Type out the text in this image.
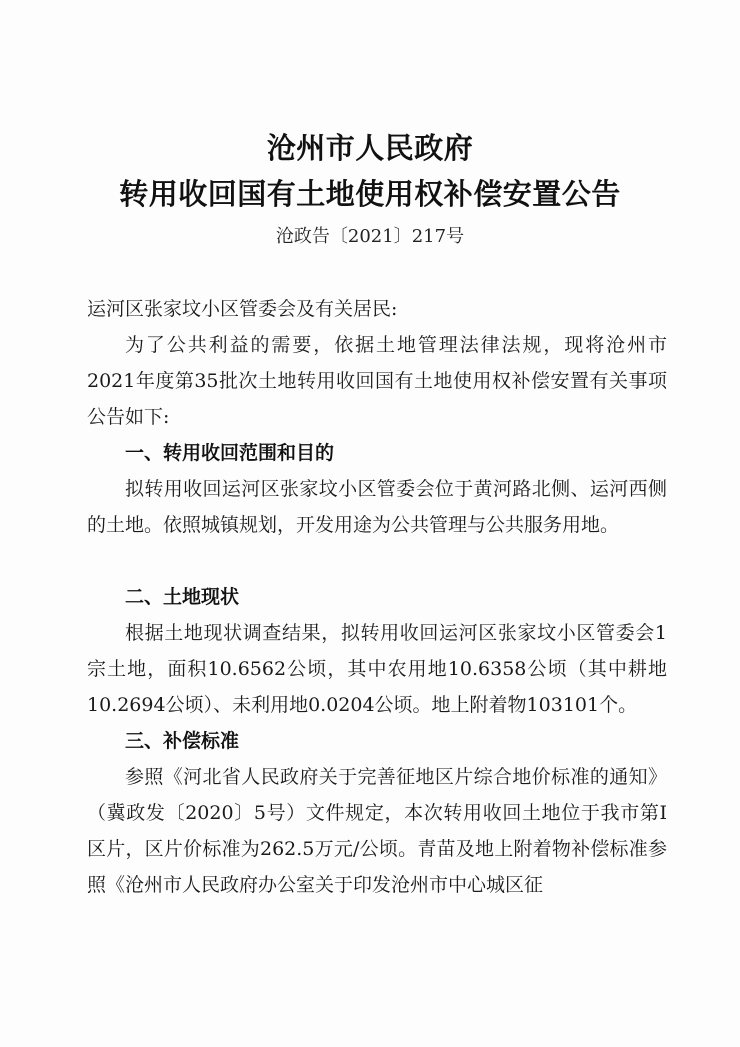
沧州市人民政府
转用收回国有土地使用权补偿安置公告
沧政告〔2021〕217号

运河区张家坟小区管委会及有关居民:

为了公共利益的需要，依据土地管理法律法规，现将沧州市2021年度第35批次土地转用收回国有土地使用权补偿安置有关事项公告如下:

一、转用收回范围和目的

拟转用收回运河区张家坟小区管委会位于黄河路北侧、运河西侧的土地。依照城镇规划，开发用途为公共管理与公共服务用地。

二、土地现状

根据土地现状调查结果，拟转用收回运河区张家坟小区管委会1宗土地，面积10.6562公顷，其中农用地10.6358公顷（其中耕地10.2694公顷）、未利用地0.0204公顷。地上附着物103101个。

三、补偿标准

参照《河北省人民政府关于完善征地区片综合地价标准的通知》（冀政发〔2020〕5号）文件规定，本次转用收回土地位于我市第I区片，区片价标准为262.5万元/公顷。青苗及地上附着物补偿标准参照《沧州市人民政府办公室关于印发沧州市中心城区征
